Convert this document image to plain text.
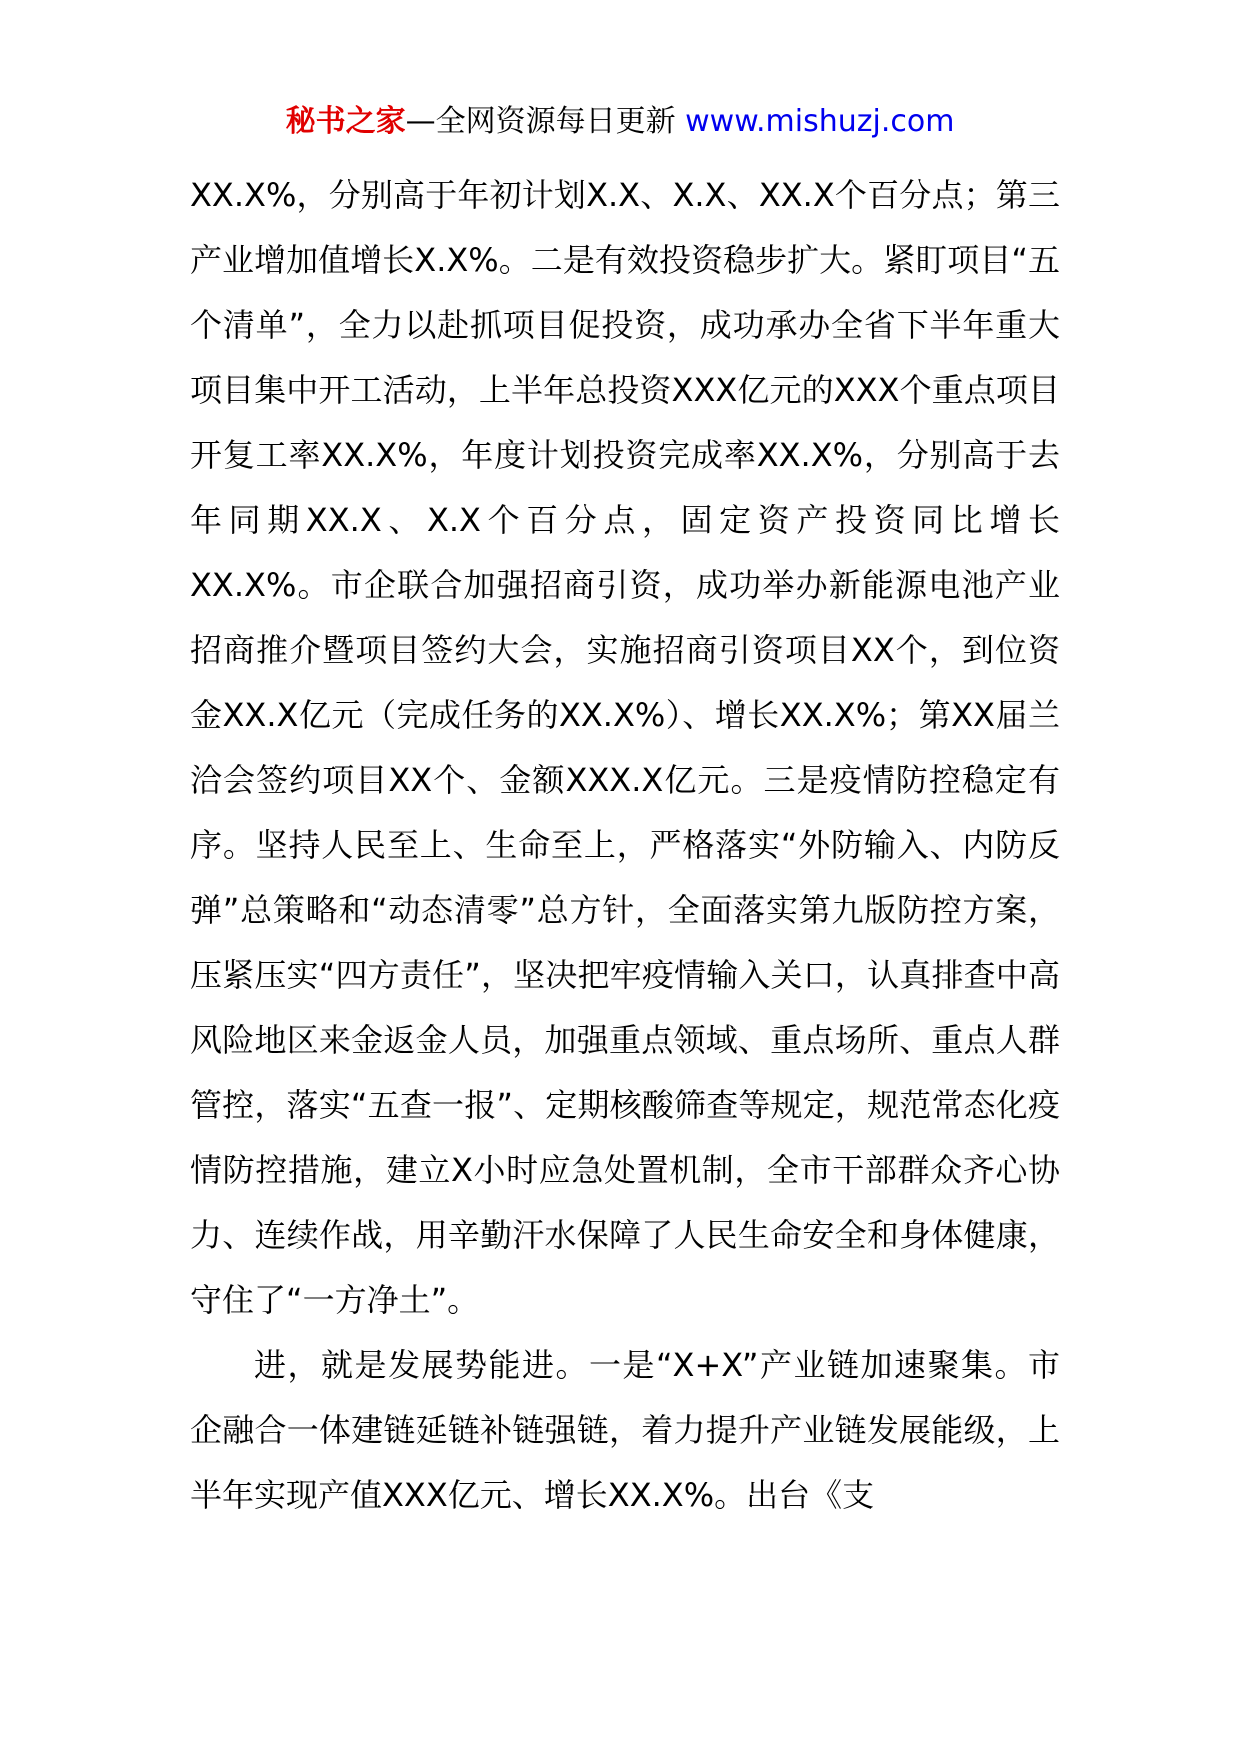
秘书之家—全网资源每日更新 www.mishuzj.com

XX.X%，分别高于年初计划X.X、X.X、XX.X个百分点；第三产业增加值增长X.X%。二是有效投资稳步扩大。紧盯项目“五个清单”，全力以赴抓项目促投资，成功承办全省下半年重大项目集中开工活动，上半年总投资XXX亿元的XXX个重点项目开复工率XX.X%，年度计划投资完成率XX.X%，分别高于去年同期XX.X、X.X个百分点，固定资产投资同比增长XX.X%。市企联合加强招商引资，成功举办新能源电池产业招商推介暨项目签约大会，实施招商引资项目XX个，到位资金XX.X亿元（完成任务的XX.X%）、增长XX.X%；第XX届兰洽会签约项目XX个、金额XXX.X亿元。三是疫情防控稳定有序。坚持人民至上、生命至上，严格落实“外防输入、内防反弹”总策略和“动态清零”总方针，全面落实第九版防控方案，压紧压实“四方责任”，坚决把牢疫情输入关口，认真排查中高风险地区来金返金人员，加强重点领域、重点场所、重点人群管控，落实“五查一报”、定期核酸筛查等规定，规范常态化疫情防控措施，建立X小时应急处置机制，全市干部群众齐心协力、连续作战，用辛勤汗水保障了人民生命安全和身体健康，守住了“一方净土”。

进，就是发展势能进。一是“X+X”产业链加速聚集。市企融合一体建链延链补链强链，着力提升产业链发展能级，上半年实现产值XXX亿元、增长XX.X%。出台《支
